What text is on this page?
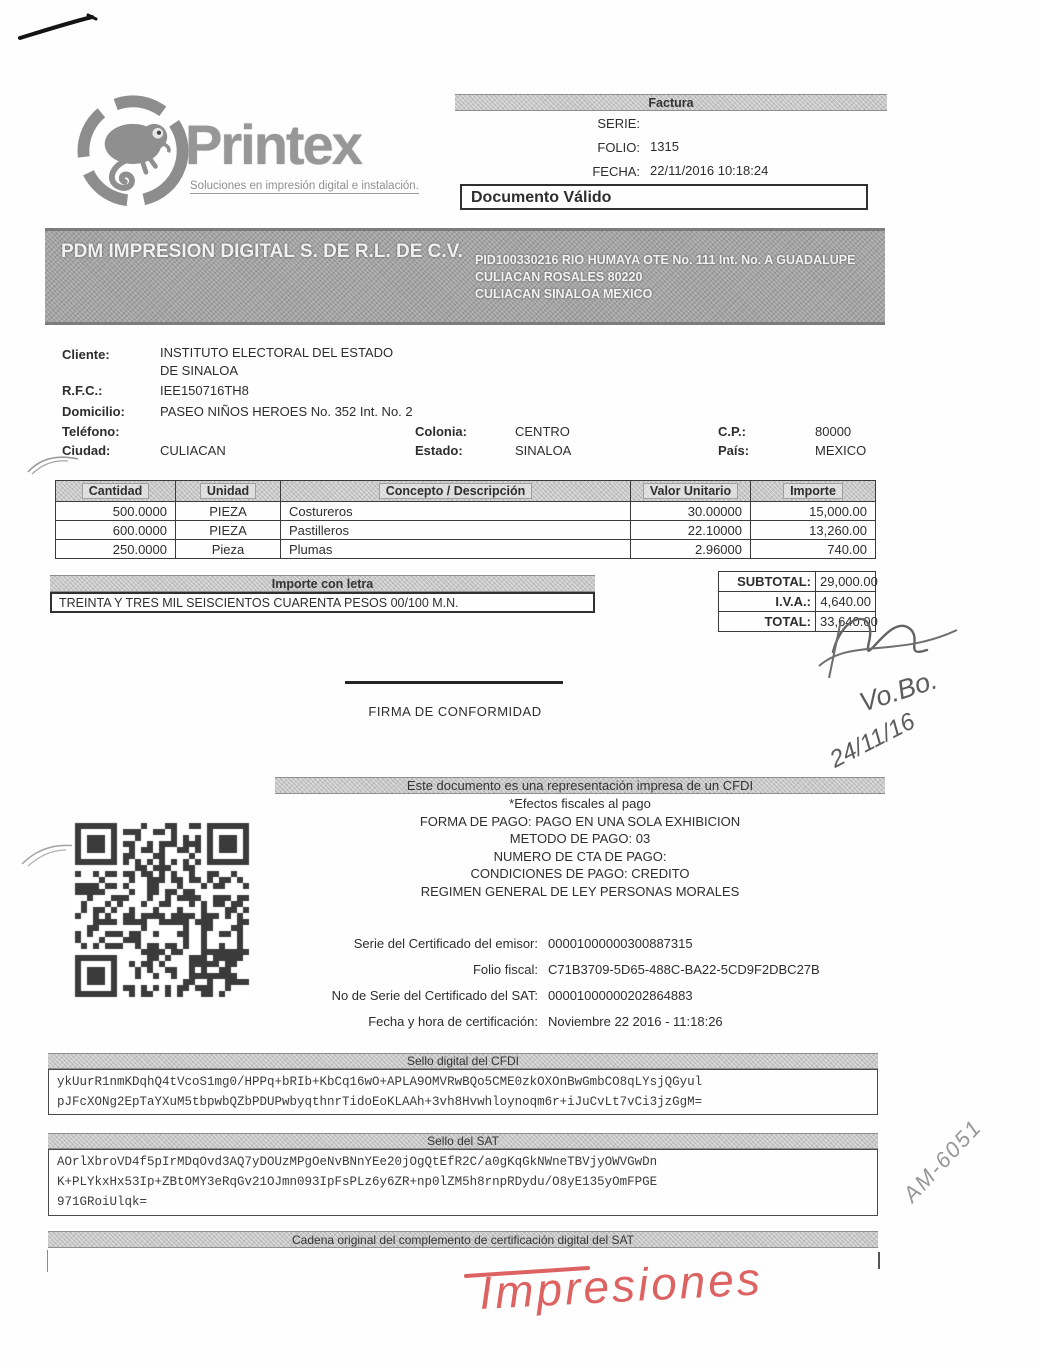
Printex
Soluciones en impresión digital e instalación.
Factura
SERIE:
FOLIO: 1315
FECHA: 22/11/2016 10:18:24
Documento Válido
PDM IMPRESION DIGITAL S. DE R.L. DE C.V. PID100330216 RIO HUMAYA OTE No. 111 Int. No. A GUADALUPE
CULIACAN ROSALES 80220
CULIACAN SINALOA MEXICO
Cliente:	INSTITUTO ELECTORAL DEL ESTADO
DE SINALOA
R.F.C.:	IEE150716TH8
Domicilio:	PASEO NIÑOS HEROES No. 352 Int. No. 2
Teléfono:	Colonia:	CENTRO	C.P.:	80000
Ciudad:	CULIACAN	Estado:	SINALOA	País:	MEXICO
Cantidad	Unidad	Concepto / Descripción	Valor Unitario	Importe
500.0000	PIEZA	Costureros	30.00000	15,000.00
600.0000	PIEZA	Pastilleros	22.10000	13,260.00
250.0000	Pieza	Plumas	2.96000	740.00
Importe con letra
TREINTA Y TRES MIL SEISCIENTOS CUARENTA PESOS 00/100 M.N.
SUBTOTAL:	29,000.00
I.V.A.:	4,640.00
TOTAL:	33,640.00
Vo.Bo.
24/11/16
FIRMA DE CONFORMIDAD
Este documento es una representación impresa de un CFDI
*Efectos fiscales al pago
FORMA DE PAGO: PAGO EN UNA SOLA EXHIBICION
METODO DE PAGO: 03
NUMERO DE CTA DE PAGO:
CONDICIONES DE PAGO: CREDITO
REGIMEN GENERAL DE LEY PERSONAS MORALES
Serie del Certificado del emisor: 00001000000300887315
Folio fiscal: C71B3709-5D65-488C-BA22-5CD9F2DBC27B
No de Serie del Certificado del SAT: 00001000000202864883
Fecha y hora de certificación: Noviembre 22 2016 - 11:18:26
Sello digital del CFDI
ykUurR1nmKDqhQ4tVcoS1mg0/HPPq+bRIb+KbCq16wO+APLA9OMVRwBQo5CME0zkOXOnBwGmbCO8qLYsjQGyul
pJFcXONg2EpTaYXuM5tbpwbQZbPDUPwbyqthnrTidoEoKLAAh+3vh8Hvwhloynoqm6r+iJuCvLt7vCi3jzGgM=
Sello del SAT
AOrlXbroVD4f5pIrMDqOvd3AQ7yDOUzMPgOeNvBNnYEe20jOgQtEfR2C/a0gKqGkNWneTBVjyOWVGwDn
K+PLYkxHx53Ip+ZBtOMY3eRqGv21OJmn093IpFsPLz6y6ZR+np0lZM5h8rnpRDydu/O8yE135yOmFPGE
971GRoiUlqk=
Cadena original del complemento de certificación digital del SAT
Impresiones
AM-6051
